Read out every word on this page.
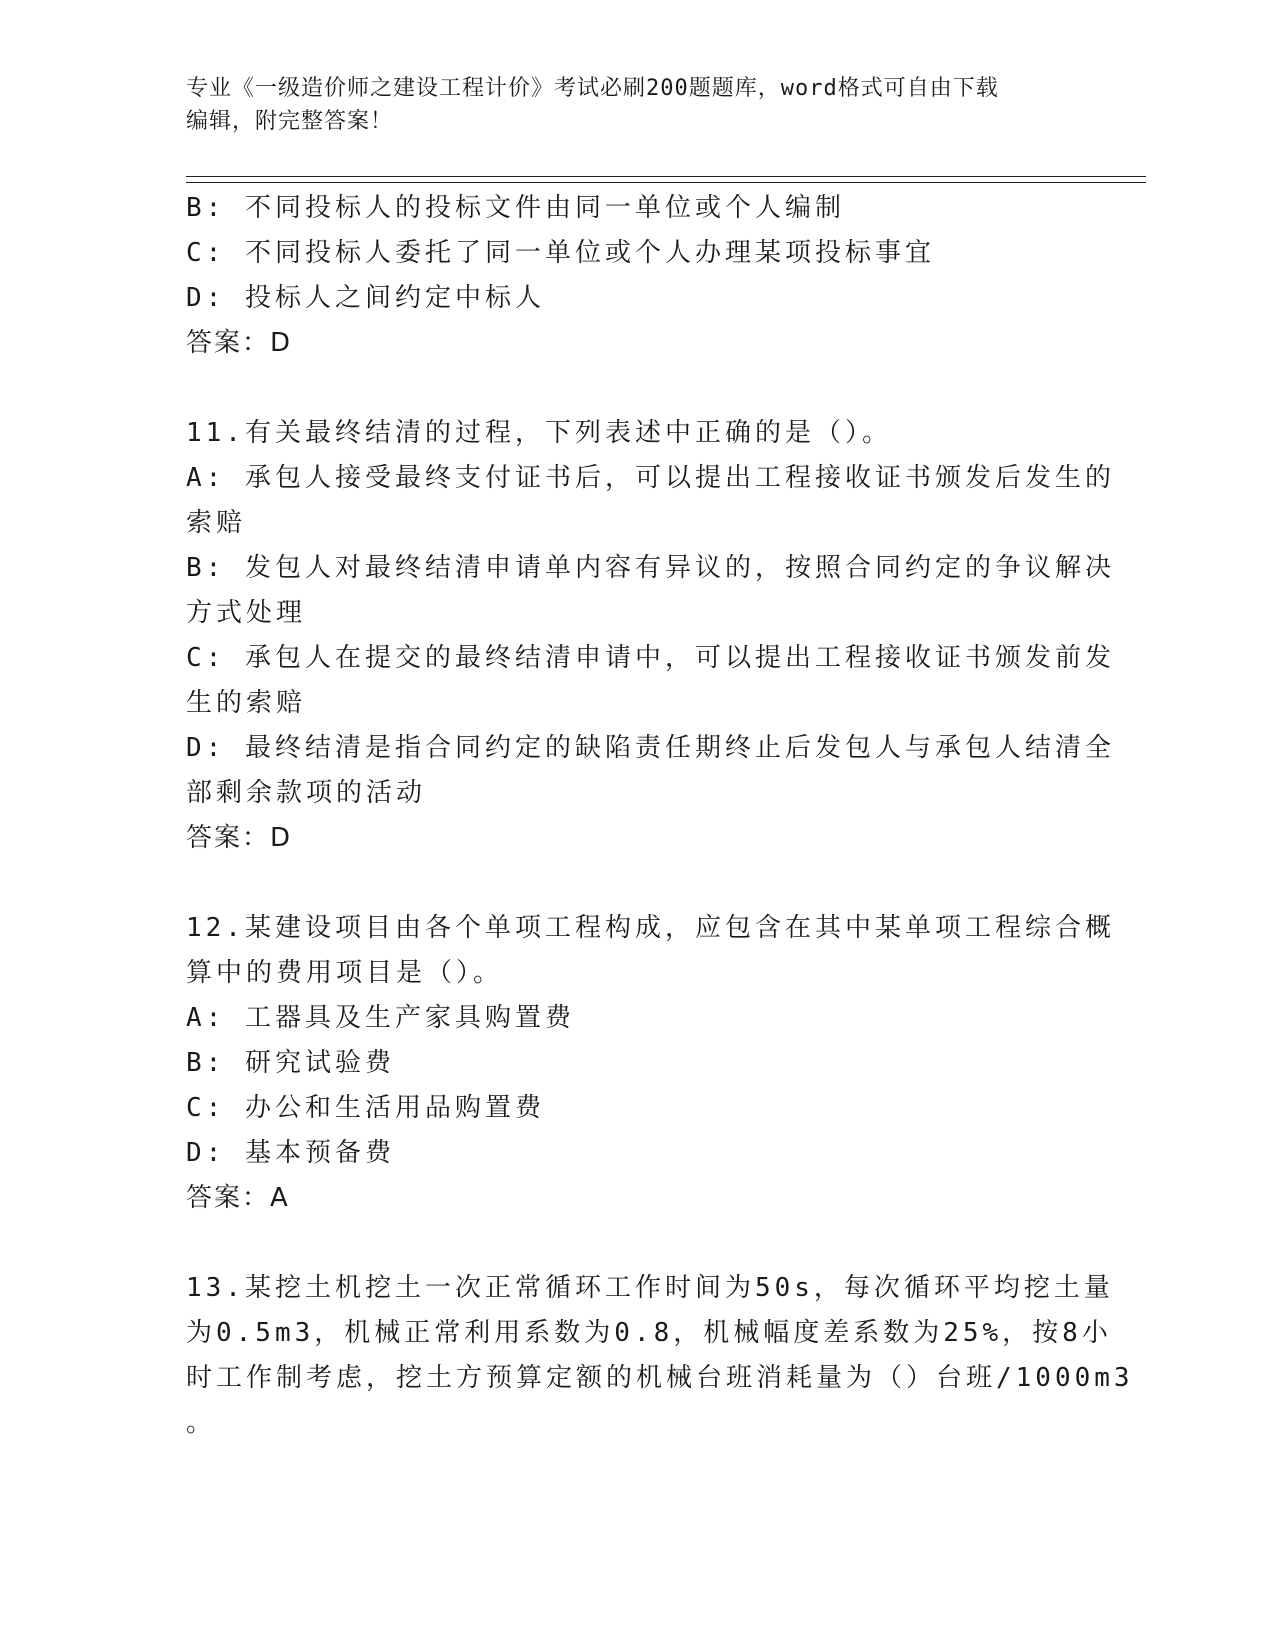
专业《一级造价师之建设工程计价》考试必刷200题题库，word格式可自由下载
编辑，附完整答案！
B: 不同投标人的投标文件由同一单位或个人编制
C: 不同投标人委托了同一单位或个人办理某项投标事宜
D: 投标人之间约定中标人
答案：D
11.有关最终结清的过程，下列表述中正确的是（）。
A: 承包人接受最终支付证书后，可以提出工程接收证书颁发后发生的
索赔
B: 发包人对最终结清申请单内容有异议的，按照合同约定的争议解决
方式处理
C: 承包人在提交的最终结清申请中，可以提出工程接收证书颁发前发
生的索赔
D: 最终结清是指合同约定的缺陷责任期终止后发包人与承包人结清全
部剩余款项的活动
答案：D
12.某建设项目由各个单项工程构成，应包含在其中某单项工程综合概
算中的费用项目是（）。
A: 工器具及生产家具购置费
B: 研究试验费
C: 办公和生活用品购置费
D: 基本预备费
答案：A
13.某挖土机挖土一次正常循环工作时间为50s，每次循环平均挖土量
为0.5m3，机械正常利用系数为0.8，机械幅度差系数为25%，按8小
时工作制考虑，挖土方预算定额的机械台班消耗量为（）台班/1000m3
。
